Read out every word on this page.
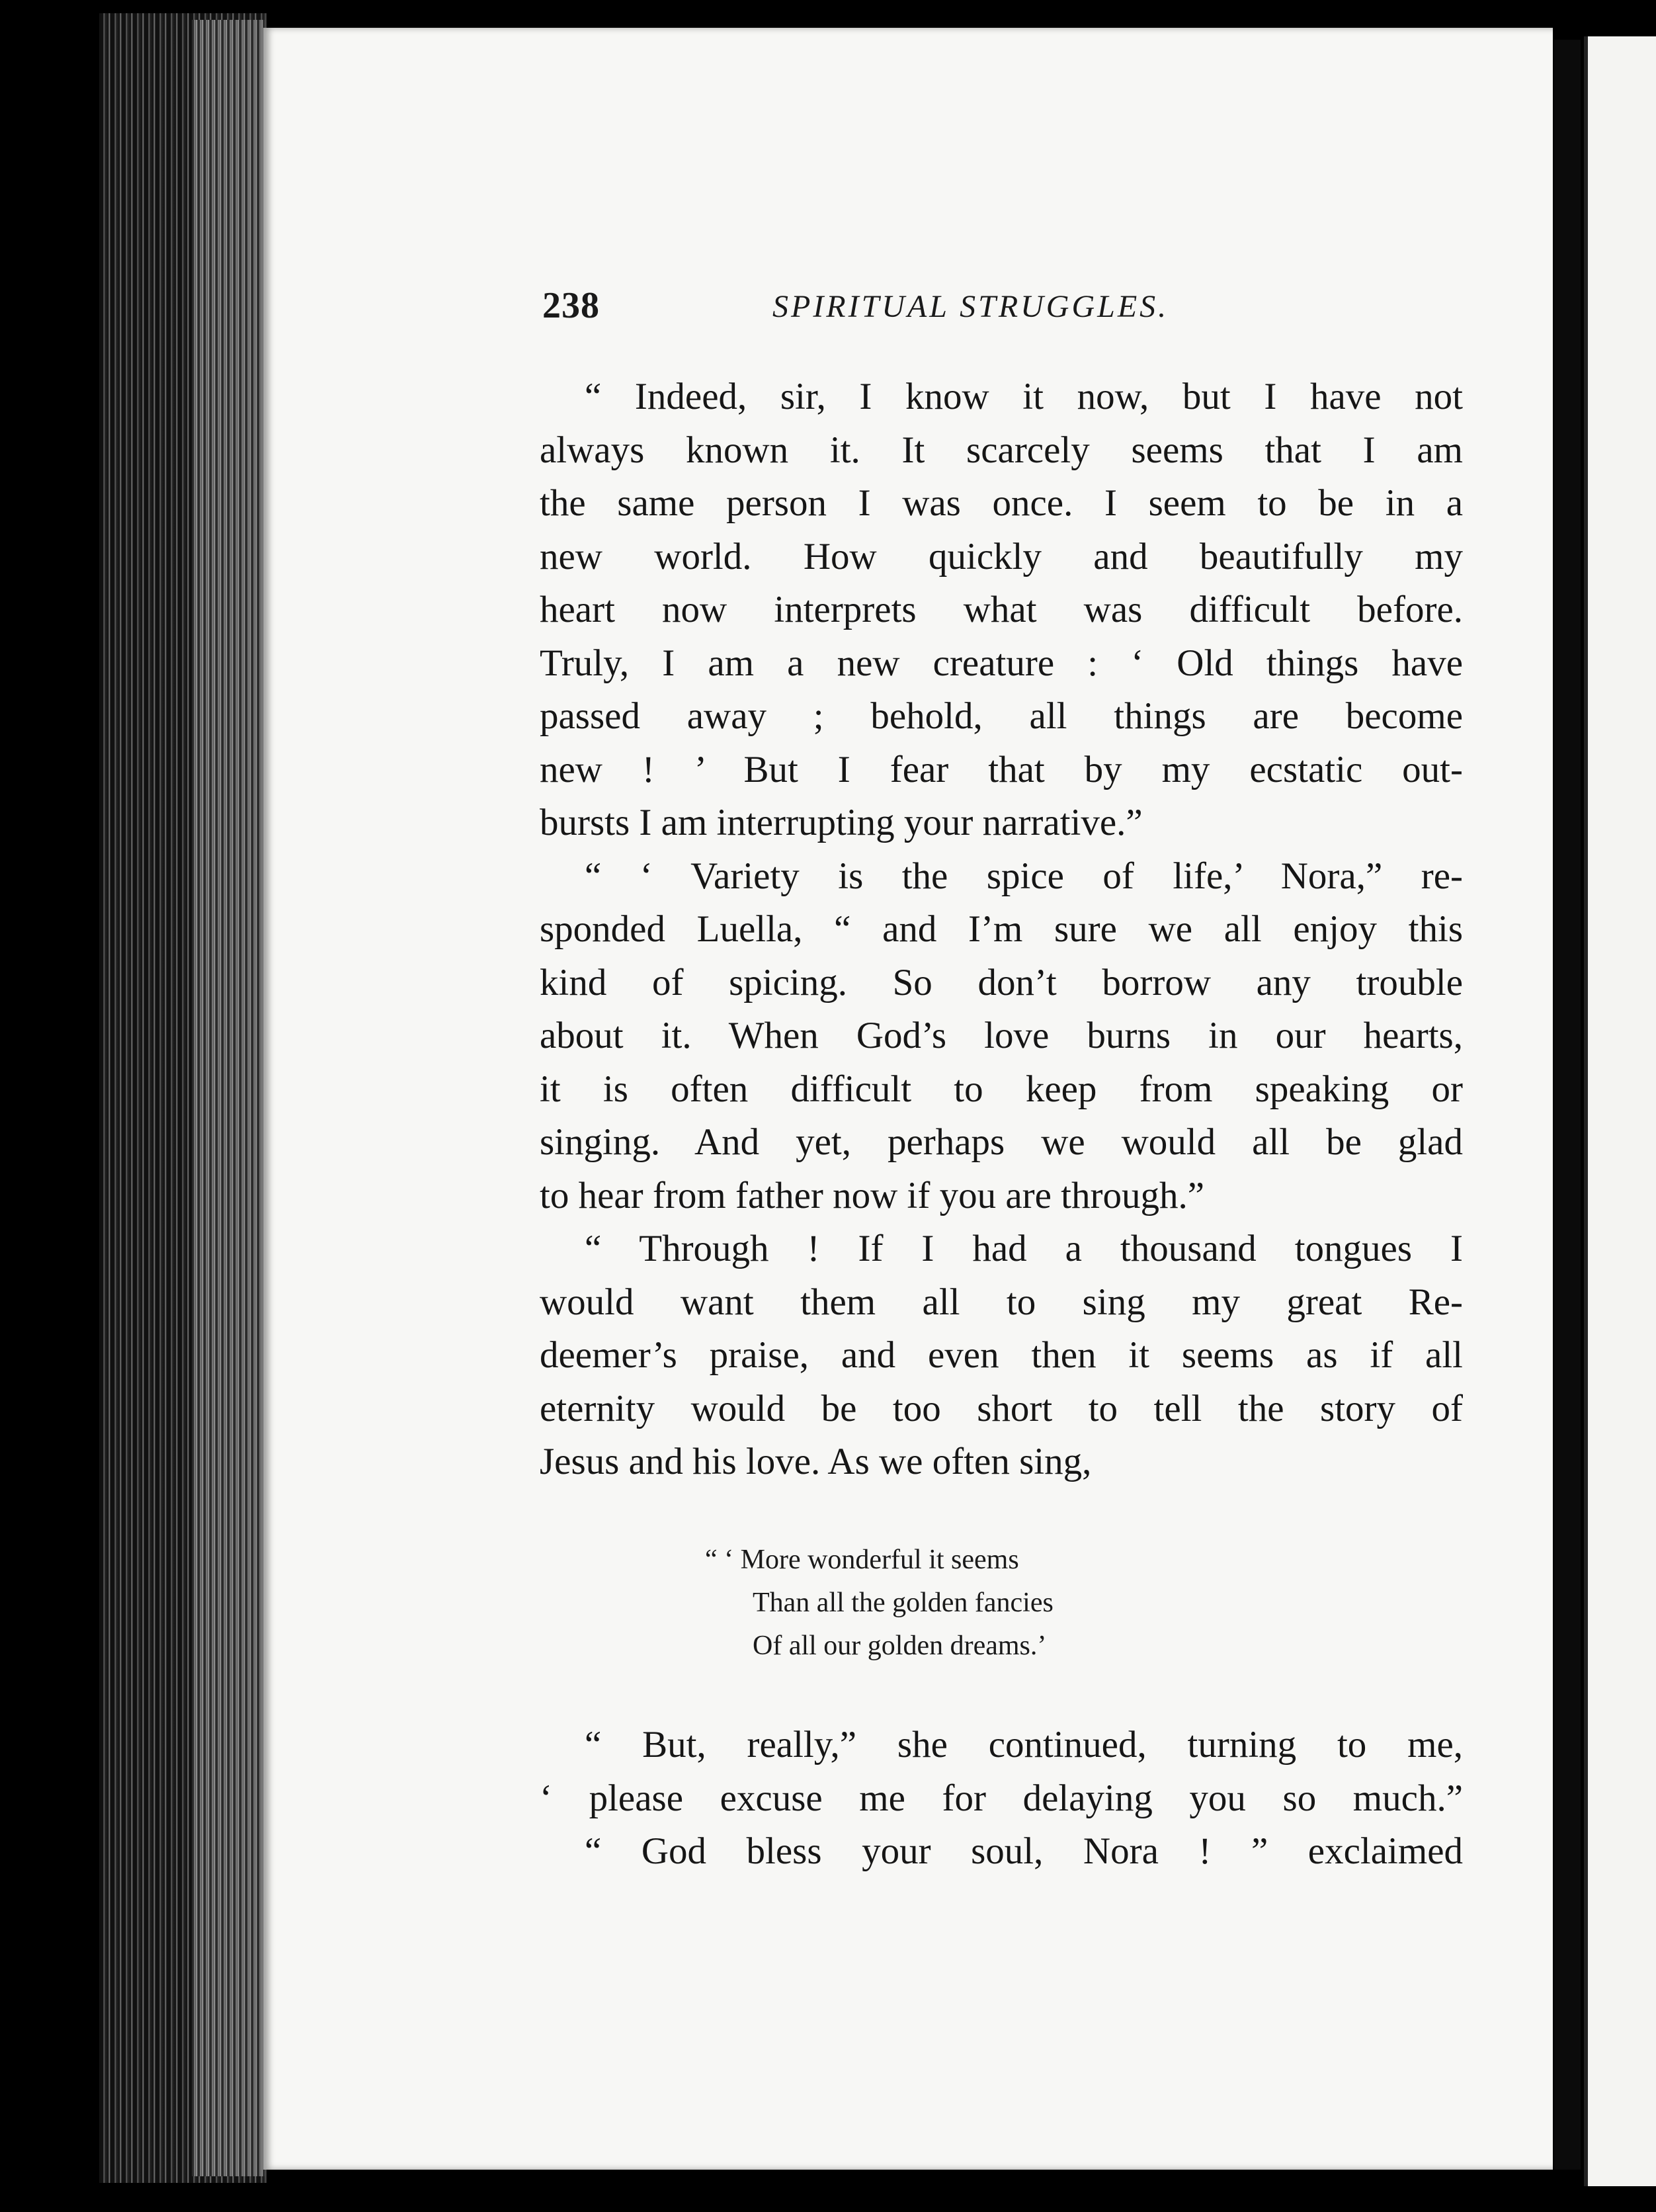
238	SPIRITUAL STRUGGLES.
“ Indeed, sir, I know it now, but I have not
always known it. It scarcely seems that I am
the same person I was once. I seem to be in a
new world. How quickly and beautifully my
heart now interprets what was difficult before.
Truly, I am a new creature : ‘ Old things have
passed away ; behold, all things are become
new ! ’ But I fear that by my ecstatic out-
bursts I am interrupting your narrative.”
“ ‘ Variety is the spice of life,’ Nora,” re-
sponded Luella, “ and I’m sure we all enjoy this
kind of spicing. So don’t borrow any trouble
about it. When God’s love burns in our hearts,
it is often difficult to keep from speaking or
singing. And yet, perhaps we would all be glad
to hear from father now if you are through.”
“ Through ! If I had a thousand tongues I
would want them all to sing my great Re-
deemer’s praise, and even then it seems as if all
eternity would be too short to tell the story of
Jesus and his love. As we often sing,
“ ‘ More wonderful it seems
Than all the golden fancies
Of all our golden dreams.’
“ But, really,” she continued, turning to me,
‘ please excuse me for delaying you so much.”
“ God bless your soul, Nora ! ” exclaimed
